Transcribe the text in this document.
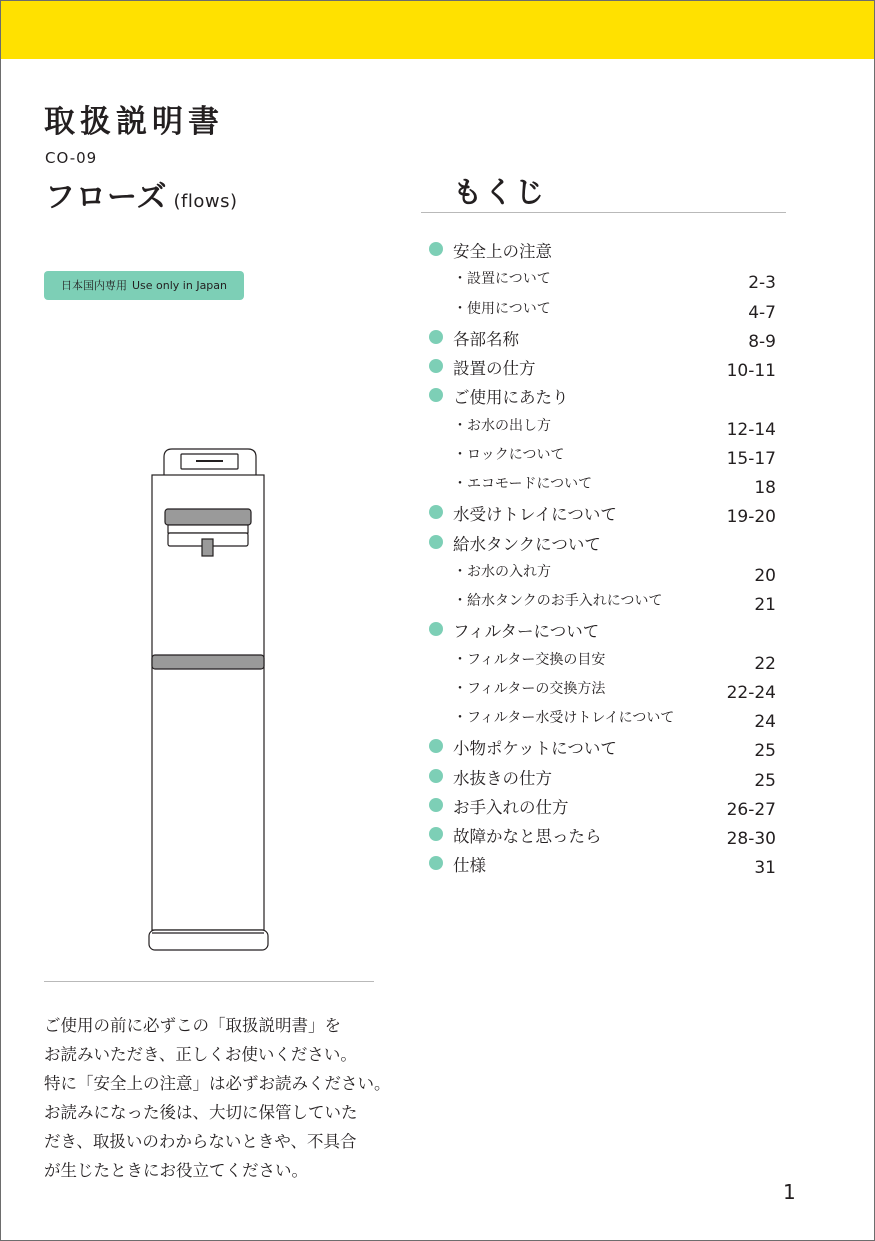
取扱説明書
CO-09
フローズ (flows)
日本国内専用 Use only in Japan
ご使用の前に必ずこの「取扱説明書」を
お読みいただき、正しくお使いください。
特に「安全上の注意」は必ずお読みください。
お読みになった後は、大切に保管していた
だき、取扱いのわからないときや、不具合
が生じたときにお役立てください。
もくじ
安全上の注意
・設置について	2-3
・使用について	4-7
各部名称	8-9
設置の仕方	10-11
ご使用にあたり
・お水の出し方	12-14
・ロックについて	15-17
・エコモードについて	18
水受けトレイについて	19-20
給水タンクについて
・お水の入れ方	20
・給水タンクのお手入れについて	21
フィルターについて
・フィルター交換の目安	22
・フィルターの交換方法	22-24
・フィルター水受けトレイについて	24
小物ポケットについて	25
水抜きの仕方	25
お手入れの仕方	26-27
故障かなと思ったら	28-30
仕様	31
1
